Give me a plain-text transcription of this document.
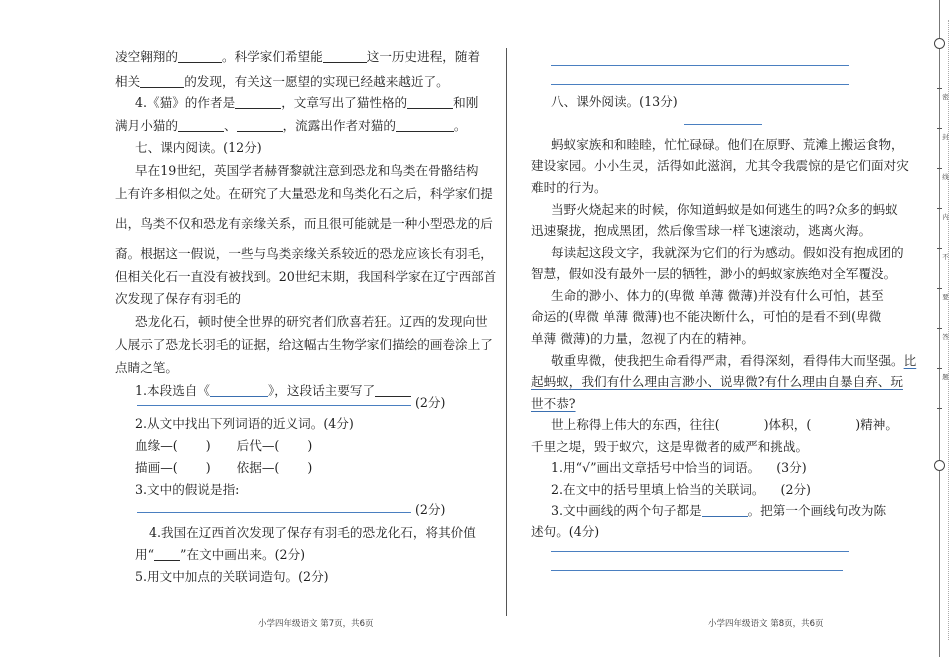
凌空翱翔的	。科学家们希望能	这一历史进程，随着
相关	的发现，有关这一愿望的实现已经越来越近了。
4.《猫》的作者是	，文章写出了猫性格的	和刚
满月小猫的	、	，流露出作者对猫的	。
七、课内阅读。(12分)
早在19世纪，英国学者赫胥黎就注意到恐龙和鸟类在骨骼结构
上有许多相似之处。在研究了大量恐龙和鸟类化石之后，科学家们提
出，鸟类不仅和恐龙有亲缘关系，而且很可能就是一种小型恐龙的后
裔。根据这一假说，一些与鸟类亲缘关系较近的恐龙应该长有羽毛，
但相关化石一直没有被找到。20世纪末期，我国科学家在辽宁西部首
次发现了保存有羽毛的
恐龙化石，顿时使全世界的研究者们欣喜若狂。辽西的发现向世
人展示了恐龙长羽毛的证据，给这幅古生物学家们描绘的画卷涂上了
点睛之笔。
1.本段选自《	》，这段话主要写了
(2分)
2.从文中找出下列词语的近义词。(4分)
血缘—( ) 后代—( )
描画—( ) 依据—( )
3.文中的假说是指:
(2分)
4.我国在辽西首次发现了保存有羽毛的恐龙化石，将其价值
用“ ”在文中画出来。(2分)
5.用文中加点的关联词造句。(2分)
小学四年级语文 第7页，共6页
八、课外阅读。(13分)
蚂蚁家族和和睦睦，忙忙碌碌。他们在原野、荒滩上搬运食物，
建设家园。小小生灵，活得如此滋润，尤其令我震惊的是它们面对灾
难时的行为。
当野火烧起来的时候，你知道蚂蚁是如何逃生的吗?众多的蚂蚁
迅速聚拢，抱成黑团，然后像雪球一样飞速滚动，逃离火海。
每读起这段文字，我就深为它们的行为感动。假如没有抱成团的
智慧，假如没有最外一层的牺牲，渺小的蚂蚁家族绝对全军覆没。
生命的渺小、体力的(卑微 单薄 微薄)并没有什么可怕，甚至
命运的(卑微 单薄 微薄)也不能决断什么，可怕的是看不到(卑微
单薄 微薄)的力量，忽视了内在的精神。
敬重卑微，使我把生命看得严肃，看得深刻，看得伟大而坚强。比
起蚂蚁，我们有什么理由言渺小、说卑微?有什么理由自暴自弃、玩
世不恭?
世上称得上伟大的东西，往往(	)体积，(	)精神。
千里之堤，毁于蚁穴，这是卑微者的威严和挑战。
1.用“√”画出文章括号中恰当的词语。 (3分)
2.在文中的括号里填上恰当的关联词。 (2分)
3.文中画线的两个句子都是	。把第一个画线句改为陈
述句。(4分)
小学四年级语文 第8页，共6页
密
封
线
内
不
要
答
题
